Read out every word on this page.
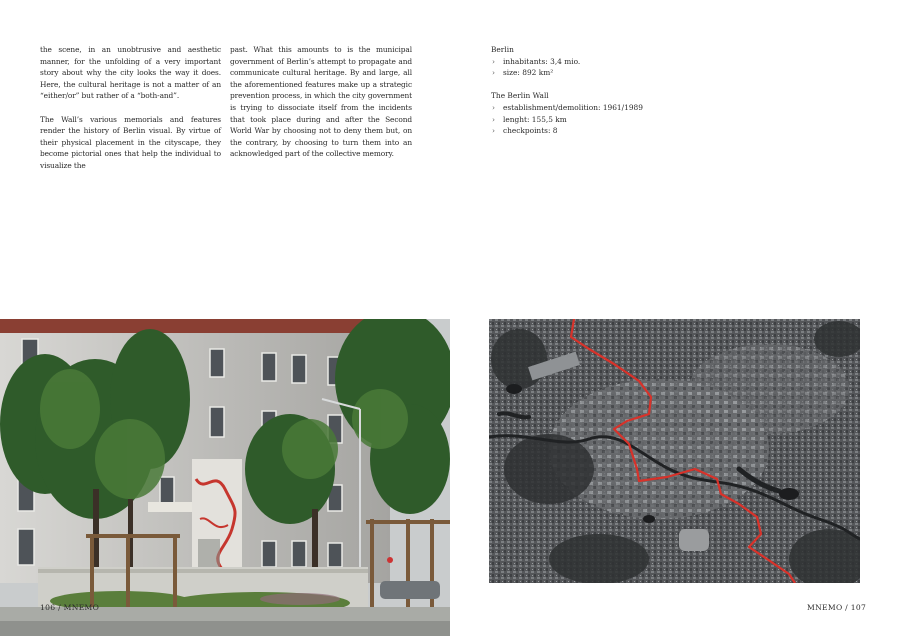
the scene, in an unobtrusive and aesthetic manner, for the unfolding of a very important story about why the city looks the way it does. Here, the cultural heritage is not a matter of an “either/or” but rather of a “both-and”.

The Wall’s various memorials and features render the history of Berlin visual. By virtue of their physical placement in the cityscape, they become pictorial ones that help the individual to visualize the

past. What this amounts to is the municipal government of Berlin’s attempt to propagate and communicate cultural heritage. By and large, all the aforementioned features make up a strategic prevention process, in which the city government is trying to dissociate itself from the incidents that took place during and after the Second World War by choosing not to deny them but, on the contrary, by choosing to turn them into an acknowledged part of the collective memory.

Berlin

› inhabitants: 3,4 mio.
› size: 892 km²

The Berlin Wall

› establishment/demolition: 1961/1989
› lenght: 155,5 km
› checkpoints: 8
106 / MNEMO	MNEMO / 107
